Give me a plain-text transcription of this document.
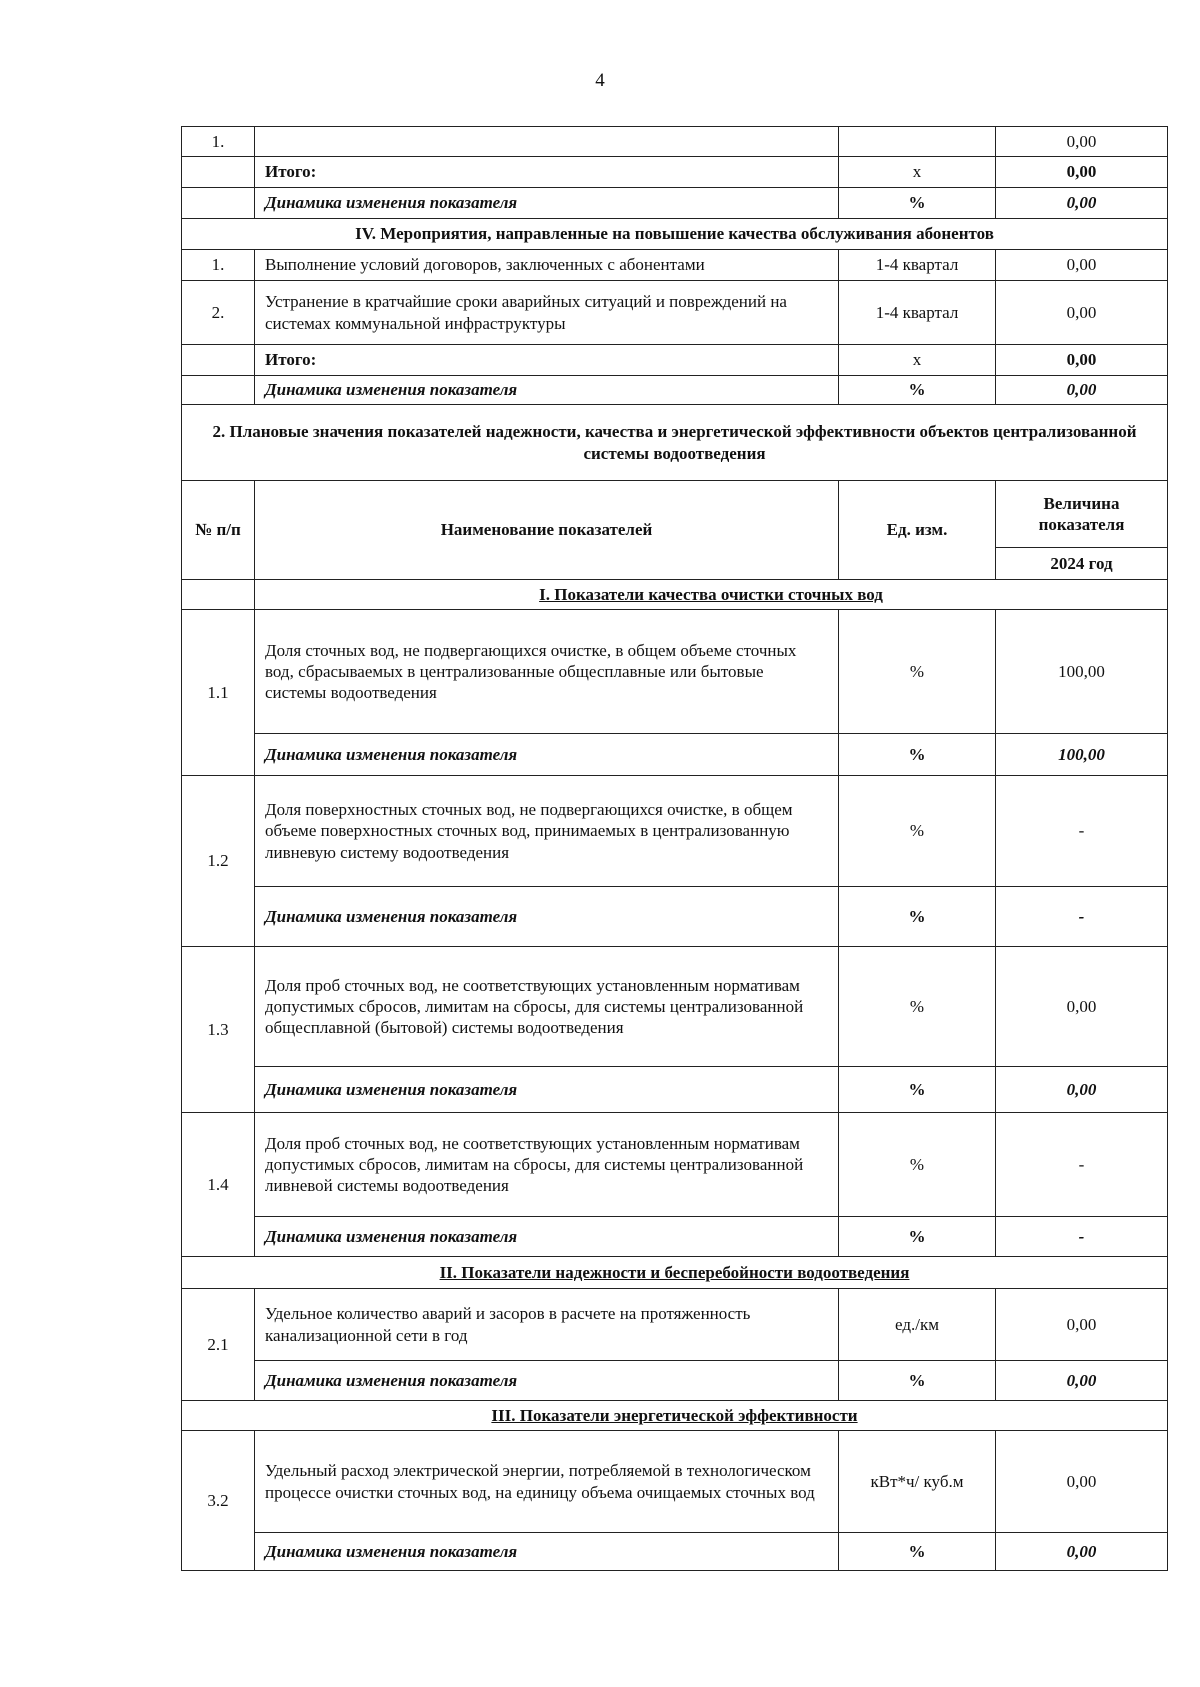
4
1.			0,00
	Итого:	x	0,00
	Динамика изменения показателя	%	0,00
IV. Мероприятия, направленные на повышение качества обслуживания абонентов			
1.	Выполнение условий договоров, заключенных с абонентами	1-4 квартал	0,00
2.	Устранение в кратчайшие сроки аварийных ситуаций и повреждений на системах коммунальной инфраструктуры	1-4 квартал	0,00
	Итого:	x	0,00
	Динамика изменения показателя	%	0,00
2. Плановые значения показателей надежности, качества и энергетической эффективности объектов централизованной системы водоотведения			
№ п/п	Наименование показателей	Ед. изм.	Величина показателя
			2024 год
	I. Показатели качества очистки сточных вод		
1.1	Доля сточных вод, не подвергающихся очистке, в общем объеме сточных вод, сбрасываемых в централизованные общесплавные или бытовые системы водоотведения	%	100,00
	Динамика изменения показателя	%	100,00
1.2	Доля поверхностных сточных вод, не подвергающихся очистке, в общем объеме поверхностных сточных вод, принимаемых в централизованную ливневую систему водоотведения	%	-
	Динамика изменения показателя	%	-
1.3	Доля проб сточных вод, не соответствующих установленным нормативам допустимых сбросов, лимитам на сбросы, для системы централизованной общесплавной (бытовой) системы водоотведения	%	0,00
	Динамика изменения показателя	%	0,00
1.4	Доля проб сточных вод, не соответствующих установленным нормативам допустимых сбросов, лимитам на сбросы, для системы централизованной ливневой системы водоотведения	%	-
	Динамика изменения показателя	%	-
II. Показатели надежности и бесперебойности водоотведения			
2.1	Удельное количество аварий и засоров в расчете на протяженность канализационной сети в год	ед./км	0,00
	Динамика изменения показателя	%	0,00
III. Показатели энергетической эффективности			
3.2	Удельный расход электрической энергии, потребляемой в технологическом процессе очистки сточных вод, на единицу объема очищаемых сточных вод	кВт*ч/ куб.м	0,00
	Динамика изменения показателя	%	0,00
